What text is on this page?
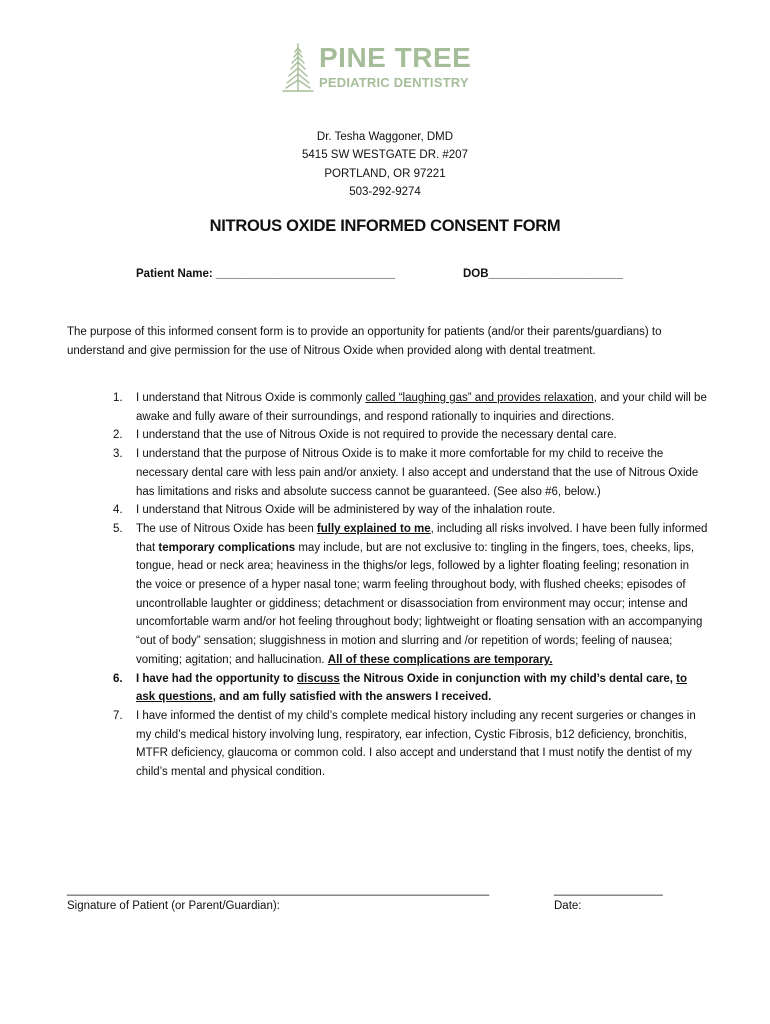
PINE TREE
PEDIATRIC DENTISTRY
Dr. Tesha Waggoner, DMD
5415 SW WESTGATE DR. #207
PORTLAND, OR 97221
503-292-9274
NITROUS OXIDE INFORMED CONSENT FORM
Patient Name: ____________________________	DOB_____________________
The purpose of this informed consent form is to provide an opportunity for patients (and/or their parents/guardians) to understand and give permission for the use of Nitrous Oxide when provided along with dental treatment.
1. I understand that Nitrous Oxide is commonly called “laughing gas” and provides relaxation, and your child will be awake and fully aware of their surroundings, and respond rationally to inquiries and directions.
2. I understand that the use of Nitrous Oxide is not required to provide the necessary dental care.
3. I understand that the purpose of Nitrous Oxide is to make it more comfortable for my child to receive the necessary dental care with less pain and/or anxiety. I also accept and understand that the use of Nitrous Oxide has limitations and risks and absolute success cannot be guaranteed. (See also #6, below.)
4. I understand that Nitrous Oxide will be administered by way of the inhalation route.
5. The use of Nitrous Oxide has been fully explained to me, including all risks involved. I have been fully informed that temporary complications may include, but are not exclusive to: tingling in the fingers, toes, cheeks, lips, tongue, head or neck area; heaviness in the thighs/or legs, followed by a lighter floating feeling; resonation in the voice or presence of a hyper nasal tone; warm feeling throughout body, with flushed cheeks; episodes of uncontrollable laughter or giddiness; detachment or disassociation from environment may occur; intense and uncomfortable warm and/or hot feeling throughout body; lightweight or floating sensation with an accompanying “out of body” sensation; sluggishness in motion and slurring and /or repetition of words; feeling of nausea; vomiting; agitation; and hallucination. All of these complications are temporary.
6. I have had the opportunity to discuss the Nitrous Oxide in conjunction with my child’s dental care, to ask questions, and am fully satisfied with the answers I received.
7. I have informed the dentist of my child’s complete medical history including any recent surgeries or changes in my child’s medical history involving lung, respiratory, ear infection, Cystic Fibrosis, b12 deficiency, bronchitis, MTFR deficiency, glaucoma or common cold. I also accept and understand that I must notify the dentist of my child’s mental and physical condition.
__________________________________________________________________
Signature of Patient (or Parent/Guardian):
_________________
Date:
